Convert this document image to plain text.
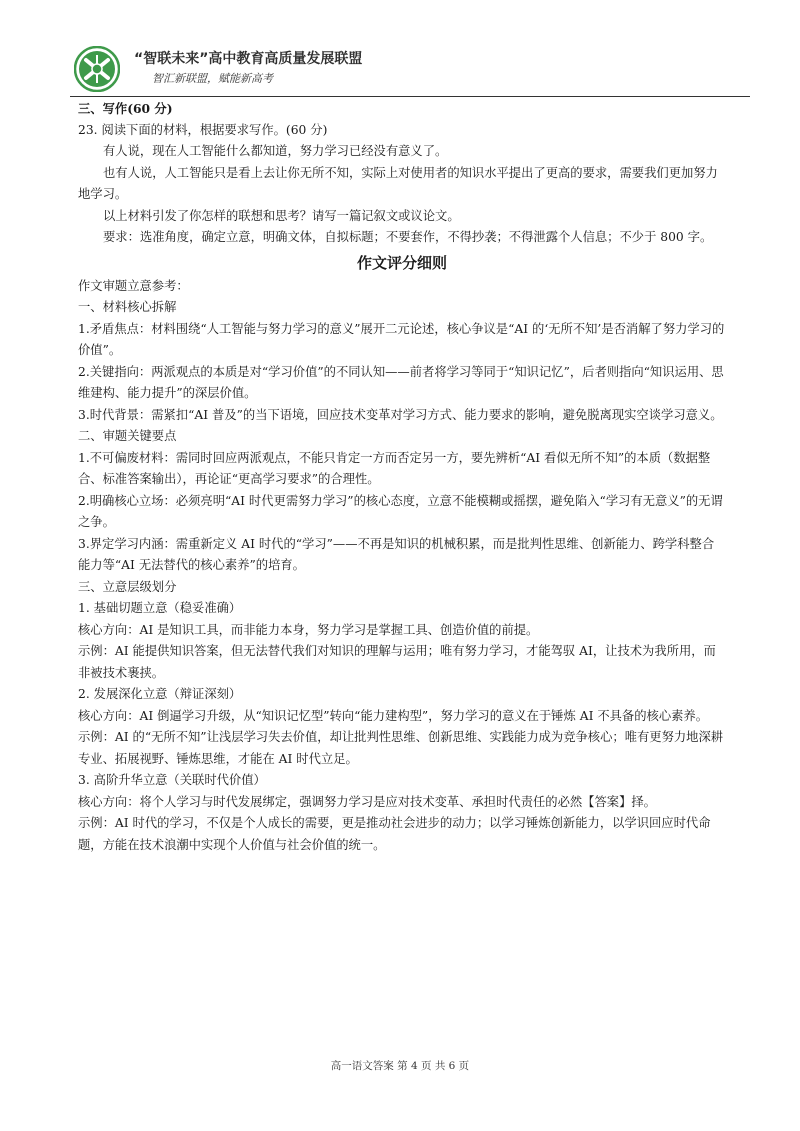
“智联未来”高中教育高质量发展联盟
智汇新联盟，赋能新高考

三、写作(60 分)

23. 阅读下面的材料，根据要求写作。(60 分)

有人说，现在人工智能什么都知道，努力学习已经没有意义了。

也有人说，人工智能只是看上去让你无所不知，实际上对使用者的知识水平提出了更高的要求，需要我们更加努力地学习。

以上材料引发了你怎样的联想和思考？请写一篇记叙文或议论文。

要求：选准角度，确定立意，明确文体，自拟标题；不要套作，不得抄袭；不得泄露个人信息；不少于 800 字。

作文评分细则

作文审题立意参考：

一、材料核心拆解

1.矛盾焦点：材料围绕“人工智能与努力学习的意义”展开二元论述，核心争议是“AI 的‘无所不知’是否消解了努力学习的价值”。

2.关键指向：两派观点的本质是对“学习价值”的不同认知——前者将学习等同于“知识记忆”，后者则指向“知识运用、思维建构、能力提升”的深层价值。

3.时代背景：需紧扣“AI 普及”的当下语境，回应技术变革对学习方式、能力要求的影响，避免脱离现实空谈学习意义。

二、审题关键要点

1.不可偏废材料：需同时回应两派观点，不能只肯定一方而否定另一方，要先辨析“AI 看似无所不知”的本质（数据整合、标准答案输出），再论证“更高学习要求”的合理性。

2.明确核心立场：必须亮明“AI 时代更需努力学习”的核心态度，立意不能模糊或摇摆，避免陷入“学习有无意义”的无谓之争。

3.界定学习内涵：需重新定义 AI 时代的“学习”——不再是知识的机械积累，而是批判性思维、创新能力、跨学科整合能力等“AI 无法替代的核心素养”的培育。

三、立意层级划分

1. 基础切题立意（稳妥准确）

核心方向：AI 是知识工具，而非能力本身，努力学习是掌握工具、创造价值的前提。

示例：AI 能提供知识答案，但无法替代我们对知识的理解与运用；唯有努力学习，才能驾驭 AI，让技术为我所用，而非被技术裹挟。

2. 发展深化立意（辩证深刻）

核心方向：AI 倒逼学习升级，从“知识记忆型”转向“能力建构型”，努力学习的意义在于锤炼 AI 不具备的核心素养。

示例：AI 的“无所不知”让浅层学习失去价值，却让批判性思维、创新思维、实践能力成为竞争核心；唯有更努力地深耕专业、拓展视野、锤炼思维，才能在 AI 时代立足。

3. 高阶升华立意（关联时代价值）

核心方向：将个人学习与时代发展绑定，强调努力学习是应对技术变革、承担时代责任的必然【答案】择。

示例：AI 时代的学习，不仅是个人成长的需要，更是推动社会进步的动力；以学习锤炼创新能力，以学识回应时代命题，方能在技术浪潮中实现个人价值与社会价值的统一。

高一语文答案 第 4 页 共 6 页
